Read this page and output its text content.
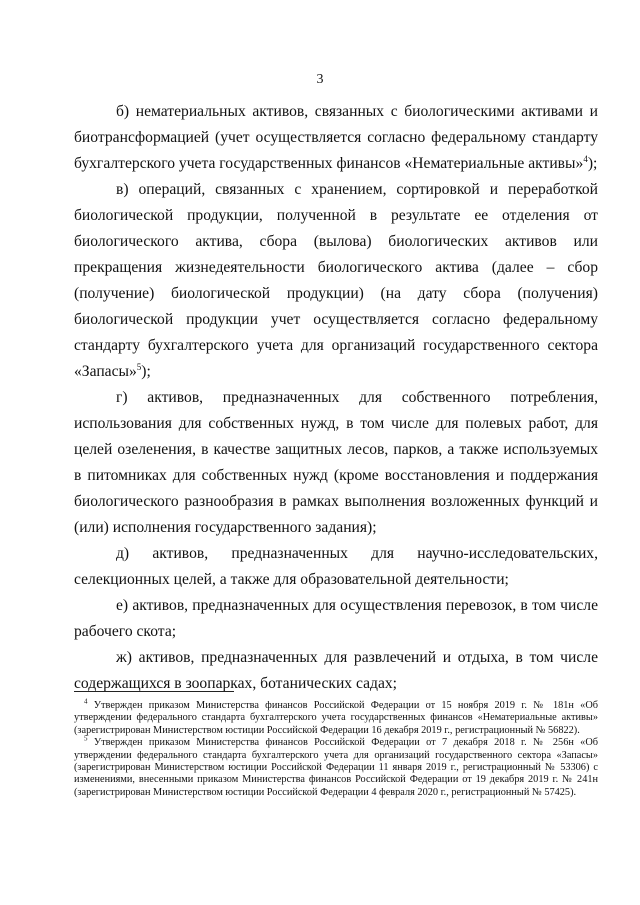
3

б) нематериальных активов, связанных с биологическими активами и биотрансформацией (учет осуществляется согласно федеральному стандарту бухгалтерского учета государственных финансов «Нематериальные активы»$^4$);

в) операций, связанных с хранением, сортировкой и переработкой биологической продукции, полученной в результате ее отделения от биологического актива, сбора (вылова) биологических активов или прекращения жизнедеятельности биологического актива (далее – сбор (получение) биологической продукции) (на дату сбора (получения) биологической продукции учет осуществляется согласно федеральному стандарту бухгалтерского учета для организаций государственного сектора «Запасы»$^5$);

г) активов, предназначенных для собственного потребления, использования для собственных нужд, в том числе для полевых работ, для целей озеленения, в качестве защитных лесов, парков, а также используемых в питомниках для собственных нужд (кроме восстановления и поддержания биологического разнообразия в рамках выполнения возложенных функций и (или) исполнения государственного задания);

д) активов, предназначенных для научно-исследовательских, селекционных целей, а также для образовательной деятельности;

е) активов, предназначенных для осуществления перевозок, в том числе рабочего скота;

ж) активов, предназначенных для развлечений и отдыха, в том числе содержащихся в зоопарках, ботанических садах;

$^4$ Утвержден приказом Министерства финансов Российской Федерации от 15 ноября 2019 г. № 181н «Об утверждении федерального стандарта бухгалтерского учета государственных финансов «Нематериальные активы» (зарегистрирован Министерством юстиции Российской Федерации 16 декабря 2019 г., регистрационный № 56822).

$^5$ Утвержден приказом Министерства финансов Российской Федерации от 7 декабря 2018 г. № 256н «Об утверждении федерального стандарта бухгалтерского учета для организаций государственного сектора «Запасы» (зарегистрирован Министерством юстиции Российской Федерации 11 января 2019 г., регистрационный № 53306) с изменениями, внесенными приказом Министерства финансов Российской Федерации от 19 декабря 2019 г. № 241н (зарегистрирован Министерством юстиции Российской Федерации 4 февраля 2020 г., регистрационный № 57425).
